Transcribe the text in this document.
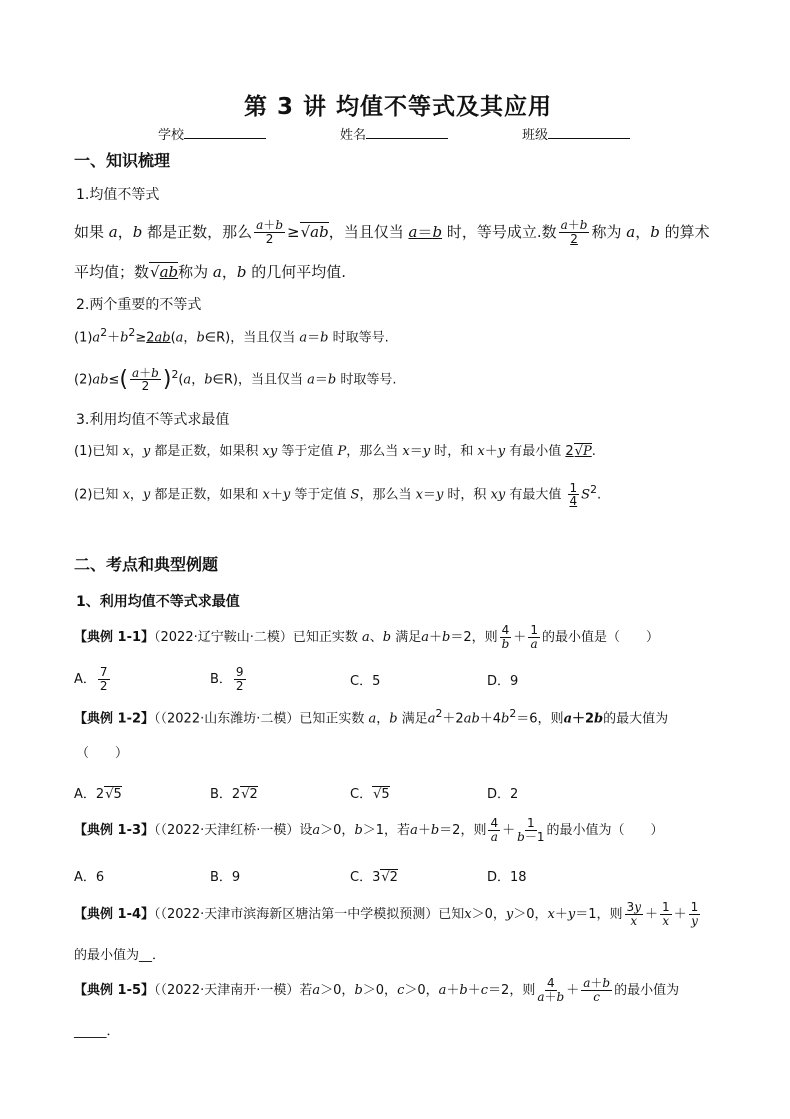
第 3 讲 均值不等式及其应用
学校	姓名	班级
一、知识梳理
1.均值不等式
如果 a，b 都是正数，那么 $\frac{a+b}{2} \ge√ab$，当且仅当 a＝b 时，等号成立.数 $\frac{a+b}{2}$ 称为 a，b 的算术
平均值；数√ab称为 a，b 的几何平均值.
2.两个重要的不等式
$(1)a^2+b^2\ge 2ab(a$，b∈R)，当且仅当 a＝b 时取等号.
$(2)ab\le( \frac{a+b}{2} )^2(a$，b∈R)，当且仅当 a＝b 时取等号.
3.利用均值不等式求最值
(1)已知 x，y 都是正数，如果积 xy 等于定值 P，那么当 x＝y 时，和 x＋y 有最小值 2√P.
(2)已知 x，y 都是正数，如果和 x＋y 等于定值 S，那么当 x＝y 时，积 xy 有最大值 $\frac{1}{4} S^2$.
二、考点和典型例题
1、利用均值不等式求最值
【典例 1-1】（2022·辽宁鞍山·二模）已知正实数 a、b 满足a＋b＝2，则 $\frac{4}{b} + \frac{1}{a}$ 的最小值是（　　）
A． $\frac{7}{2}$	B． $\frac{9}{2}$	C．5	D．9
【典例 1-2】（（2022·山东潍坊·二模）已知正实数 a，b 满足$a^2+2ab+4b^2=6$，则a＋2b的最大值为
（　　）
A．2√5	B．2√2	C．√5	D．2
【典例 1-3】（（2022·天津红桥·一模）设a＞0，b＞1，若a＋b＝2，则 $\frac{4}{a} + \frac{1}{b-1}$ 的最小值为（　　）
A．6	B．9	C．3√2	D．18
【典例 1-4】（（2022·天津市滨海新区塘沽第一中学模拟预测）已知x＞0，y＞0，x＋y＝1，则 $\frac{3y}{x} + \frac{1}{x} + \frac{1}{y}$
的最小值为__．
【典例 1-5】（（2022·天津南开·一模）若a＞0，b＞0，c＞0，a＋b＋c＝2，则 $\frac{4}{a+b} + \frac{a+b}{c}$ 的最小值为
_____．
